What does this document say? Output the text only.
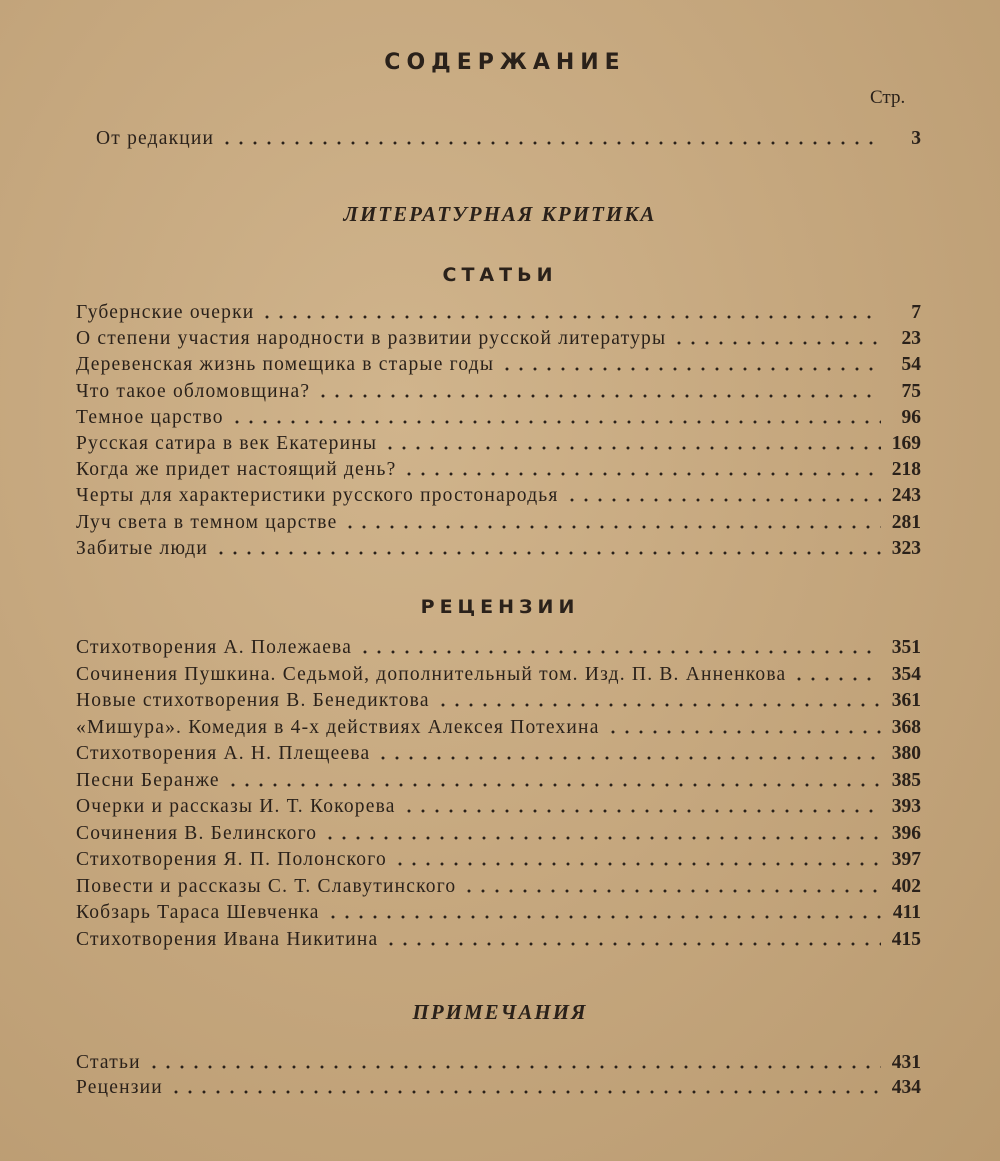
СОДЕРЖАНИЕ
Стр.
От редакции	3
ЛИТЕРАТУРНАЯ КРИТИКА
СТАТЬИ
Губернские очерки	7
О степени участия народности в развитии русской литературы	23
Деревенская жизнь помещика в старые годы	54
Что такое обломовщина?	75
Темное царство	96
Русская сатира в век Екатерины	169
Когда же придет настоящий день?	218
Черты для характеристики русского простонародья	243
Луч света в темном царстве	281
Забитые люди	323
РЕЦЕНЗИИ
Стихотворения А. Полежаева	351
Сочинения Пушкина. Седьмой, дополнительный том. Изд. П. В. Анненкова	354
Новые стихотворения В. Бенедиктова	361
«Мишура». Комедия в 4-х действиях Алексея Потехина	368
Стихотворения А. Н. Плещеева	380
Песни Беранже	385
Очерки и рассказы И. Т. Кокорева	393
Сочинения В. Белинского	396
Стихотворения Я. П. Полонского	397
Повести и рассказы С. Т. Славутинского	402
Кобзарь Тараса Шевченка	411
Стихотворения Ивана Никитина	415
ПРИМЕЧАНИЯ
Статьи	431
Рецензии	434
